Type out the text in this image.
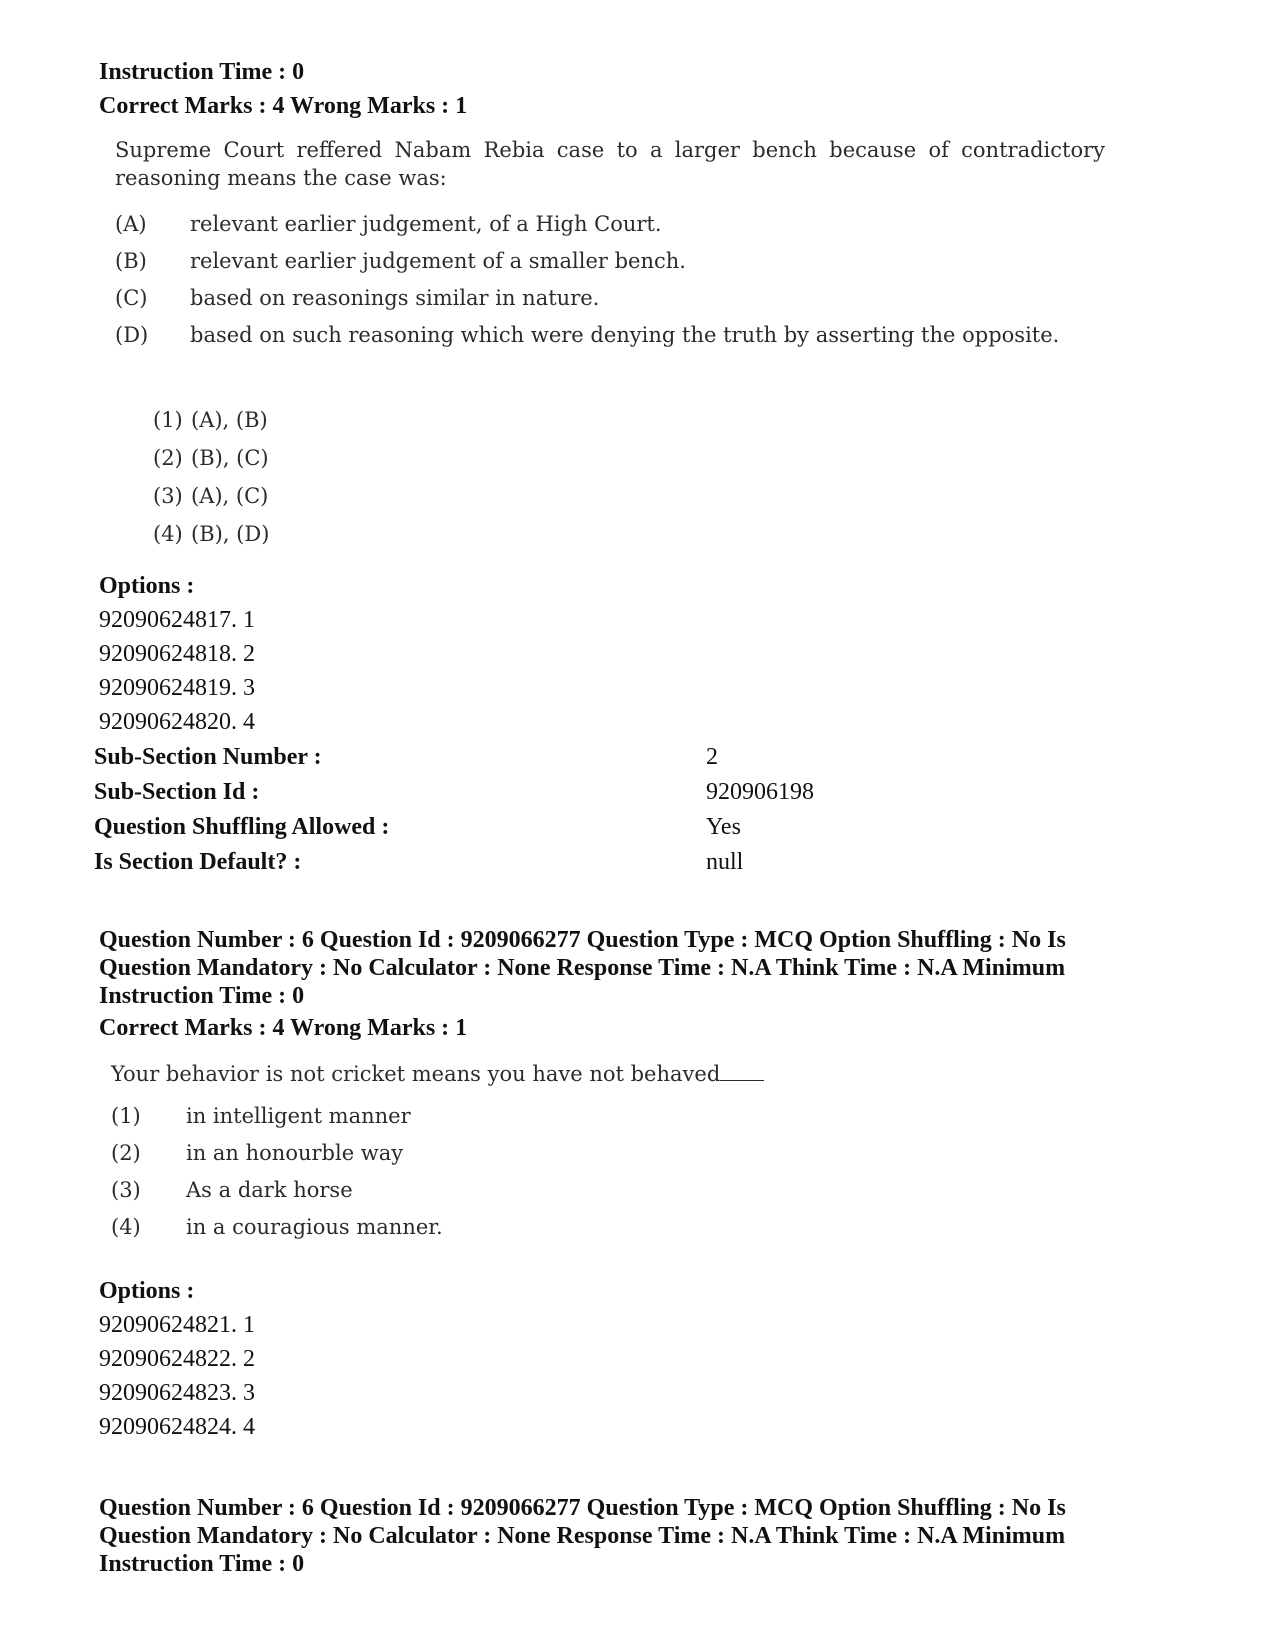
Instruction Time : 0
Correct Marks : 4 Wrong Marks : 1
Supreme Court reffered Nabam Rebia case to a larger bench because of contradictory reasoning means the case was:
(A)	relevant earlier judgement, of a High Court.
(B)	relevant earlier judgement of a smaller bench.
(C)	based on reasonings similar in nature.
(D)	based on such reasoning which were denying the truth by asserting the opposite.
(1) (A), (B)
(2) (B), (C)
(3) (A), (C)
(4) (B), (D)
Options :
92090624817. 1
92090624818. 2
92090624819. 3
92090624820. 4
Sub-Section Number :	2
Sub-Section Id :	920906198
Question Shuffling Allowed :	Yes
Is Section Default? :	null
Question Number : 6 Question Id : 9209066277 Question Type : MCQ Option Shuffling : No Is Question Mandatory : No Calculator : None Response Time : N.A Think Time : N.A Minimum Instruction Time : 0
Correct Marks : 4 Wrong Marks : 1
Your behavior is not cricket means you have not behaved
(1)	in intelligent manner
(2)	in an honourble way
(3)	As a dark horse
(4)	in a couragious manner.
Options :
92090624821. 1
92090624822. 2
92090624823. 3
92090624824. 4
Question Number : 6 Question Id : 9209066277 Question Type : MCQ Option Shuffling : No Is Question Mandatory : No Calculator : None Response Time : N.A Think Time : N.A Minimum Instruction Time : 0
